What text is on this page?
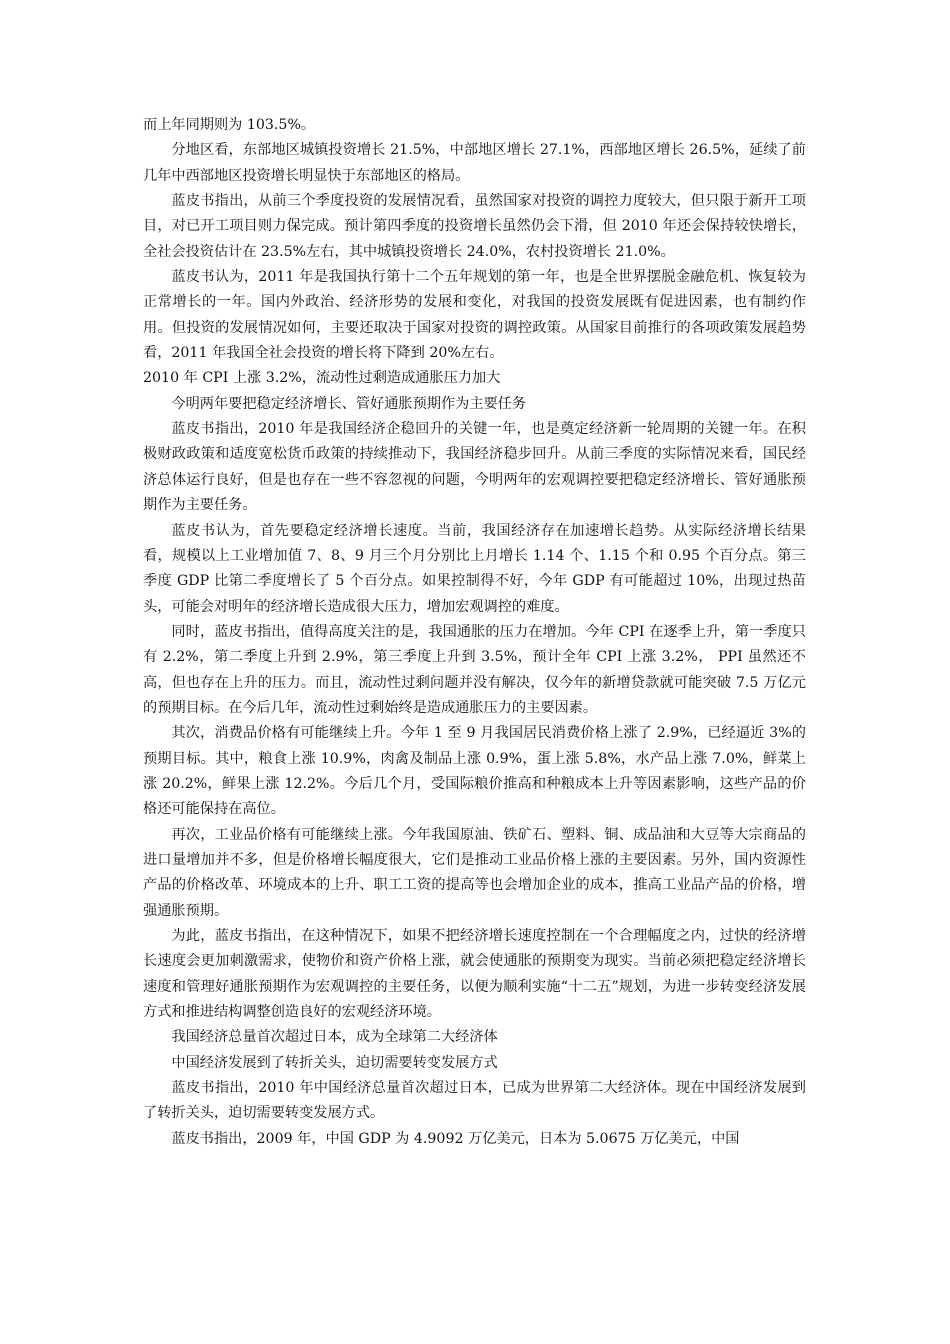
而上年同期则为 103.5%。

分地区看，东部地区城镇投资增长 21.5%，中部地区增长 27.1%，西部地区增长 26.5%，延续了前几年中西部地区投资增长明显快于东部地区的格局。

蓝皮书指出，从前三个季度投资的发展情况看，虽然国家对投资的调控力度较大，但只限于新开工项目，对已开工项目则力保完成。预计第四季度的投资增长虽然仍会下滑，但 2010 年还会保持较快增长，全社会投资估计在 23.5%左右，其中城镇投资增长 24.0%，农村投资增长 21.0%。

蓝皮书认为，2011 年是我国执行第十二个五年规划的第一年，也是全世界摆脱金融危机、恢复较为正常增长的一年。国内外政治、经济形势的发展和变化，对我国的投资发展既有促进因素，也有制约作用。但投资的发展情况如何，主要还取决于国家对投资的调控政策。从国家目前推行的各项政策发展趋势看，2011 年我国全社会投资的增长将下降到 20%左右。

2010 年 CPI 上涨 3.2%，流动性过剩造成通胀压力加大

今明两年要把稳定经济增长、管好通胀预期作为主要任务

蓝皮书指出，2010 年是我国经济企稳回升的关键一年，也是奠定经济新一轮周期的关键一年。在积极财政政策和适度宽松货币政策的持续推动下，我国经济稳步回升。从前三季度的实际情况来看，国民经济总体运行良好，但是也存在一些不容忽视的问题，今明两年的宏观调控要把稳定经济增长、管好通胀预期作为主要任务。

蓝皮书认为，首先要稳定经济增长速度。当前，我国经济存在加速增长趋势。从实际经济增长结果看，规模以上工业增加值 7、8、9 月三个月分别比上月增长 1.14 个、1.15 个和 0.95 个百分点。第三季度 GDP 比第二季度增长了 5 个百分点。如果控制得不好，今年 GDP 有可能超过 10%，出现过热苗头，可能会对明年的经济增长造成很大压力，增加宏观调控的难度。

同时，蓝皮书指出，值得高度关注的是，我国通胀的压力在增加。今年 CPI 在逐季上升，第一季度只有 2.2%，第二季度上升到 2.9%，第三季度上升到 3.5%，预计全年 CPI 上涨 3.2%， PPI 虽然还不高，但也存在上升的压力。而且，流动性过剩问题并没有解决，仅今年的新增贷款就可能突破 7.5 万亿元的预期目标。在今后几年，流动性过剩始终是造成通胀压力的主要因素。

其次，消费品价格有可能继续上升。今年 1 至 9 月我国居民消费价格上涨了 2.9%，已经逼近 3%的预期目标。其中，粮食上涨 10.9%，肉禽及制品上涨 0.9%，蛋上涨 5.8%，水产品上涨 7.0%，鲜菜上涨 20.2%，鲜果上涨 12.2%。今后几个月，受国际粮价推高和种粮成本上升等因素影响，这些产品的价格还可能保持在高位。

再次，工业品价格有可能继续上涨。今年我国原油、铁矿石、塑料、铜、成品油和大豆等大宗商品的进口量增加并不多，但是价格增长幅度很大，它们是推动工业品价格上涨的主要因素。另外，国内资源性产品的价格改革、环境成本的上升、职工工资的提高等也会增加企业的成本，推高工业品产品的价格，增强通胀预期。

为此，蓝皮书指出，在这种情况下，如果不把经济增长速度控制在一个合理幅度之内，过快的经济增长速度会更加刺激需求，使物价和资产价格上涨，就会使通胀的预期变为现实。当前必须把稳定经济增长速度和管理好通胀预期作为宏观调控的主要任务，以便为顺利实施“十二五”规划，为进一步转变经济发展方式和推进结构调整创造良好的宏观经济环境。

我国经济总量首次超过日本，成为全球第二大经济体

中国经济发展到了转折关头，迫切需要转变发展方式

蓝皮书指出，2010 年中国经济总量首次超过日本，已成为世界第二大经济体。现在中国经济发展到了转折关头，迫切需要转变发展方式。

蓝皮书指出，2009 年，中国 GDP 为 4.9092 万亿美元，日本为 5.0675 万亿美元，中国
